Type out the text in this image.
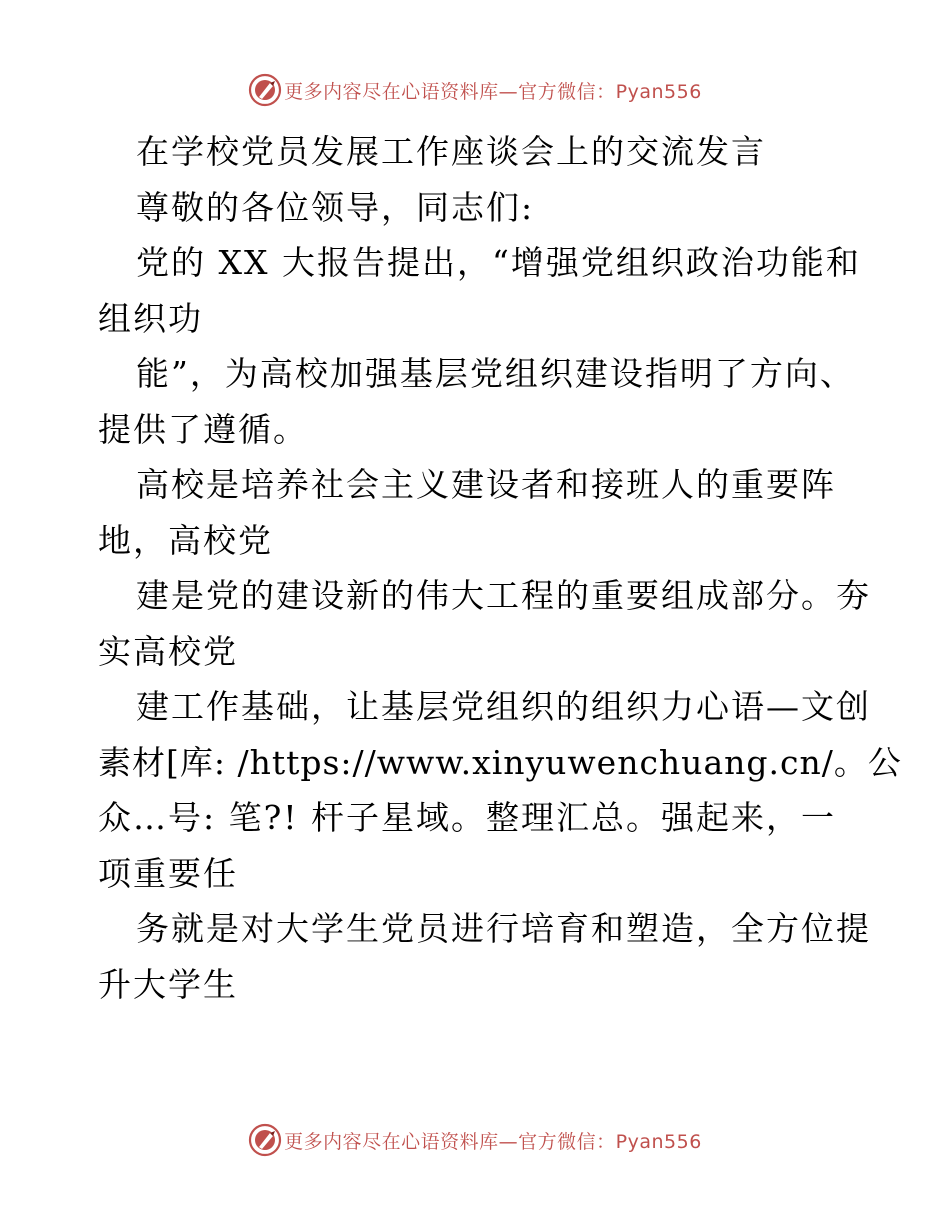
更多内容尽在心语资料库—官方微信：Pyan556
在学校党员发展工作座谈会上的交流发言
尊敬的各位领导，同志们:
党的 XX 大报告提出，“增强党组织政治功能和
组织功
能”，为高校加强基层党组织建设指明了方向、
提供了遵循。
高校是培养社会主义建设者和接班人的重要阵
地，高校党
建是党的建设新的伟大工程的重要组成部分。夯
实高校党
建工作基础，让基层党组织的组织力心语—文创
素材[库: /https://www.xinyuwenchuang.cn/。公
众…号: 笔?! 杆子星域。整理汇总。强起来，一
项重要任
务就是对大学生党员进行培育和塑造，全方位提
升大学生
更多内容尽在心语资料库—官方微信：Pyan556
